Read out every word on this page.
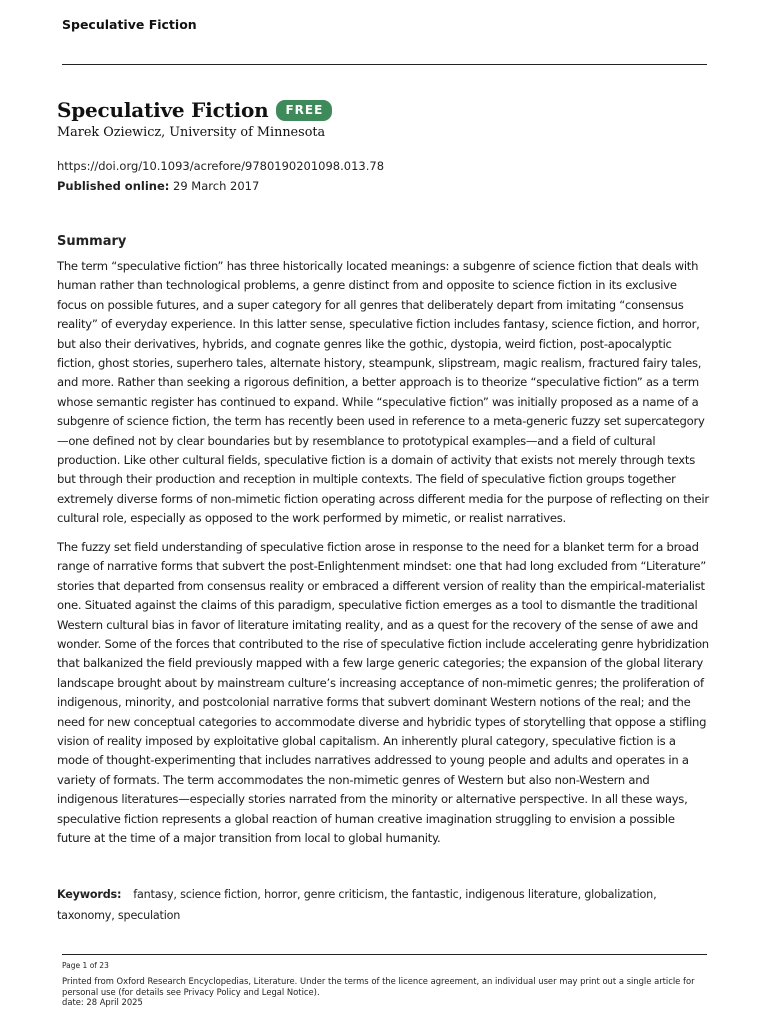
Speculative Fiction
Speculative Fiction	FREE
Marek Oziewicz, University of Minnesota
https://doi.org/10.1093/acrefore/9780190201098.013.78
Published online: 29 March 2017
Summary

The term “speculative fiction” has three historically located meanings: a subgenre of science fiction that deals with human rather than technological problems, a genre distinct from and opposite to science fiction in its exclusive focus on possible futures, and a super category for all genres that deliberately depart from imitating “consensus reality” of everyday experience. In this latter sense, speculative fiction includes fantasy, science fiction, and horror, but also their derivatives, hybrids, and cognate genres like the gothic, dystopia, weird fiction, post-apocalyptic fiction, ghost stories, superhero tales, alternate history, steampunk, slipstream, magic realism, fractured fairy tales, and more. Rather than seeking a rigorous definition, a better approach is to theorize “speculative fiction” as a term whose semantic register has continued to expand. While “speculative fiction” was initially proposed as a name of a subgenre of science fiction, the term has recently been used in reference to a meta-generic fuzzy set supercategory—one defined not by clear boundaries but by resemblance to prototypical examples—and a field of cultural production. Like other cultural fields, speculative fiction is a domain of activity that exists not merely through texts but through their production and reception in multiple contexts. The field of speculative fiction groups together extremely diverse forms of non-mimetic fiction operating across different media for the purpose of reflecting on their cultural role, especially as opposed to the work performed by mimetic, or realist narratives.

The fuzzy set field understanding of speculative fiction arose in response to the need for a blanket term for a broad range of narrative forms that subvert the post-Enlightenment mindset: one that had long excluded from “Literature” stories that departed from consensus reality or embraced a different version of reality than the empirical-materialist one. Situated against the claims of this paradigm, speculative fiction emerges as a tool to dismantle the traditional Western cultural bias in favor of literature imitating reality, and as a quest for the recovery of the sense of awe and wonder. Some of the forces that contributed to the rise of speculative fiction include accelerating genre hybridization that balkanized the field previously mapped with a few large generic categories; the expansion of the global literary landscape brought about by mainstream culture’s increasing acceptance of non-mimetic genres; the proliferation of indigenous, minority, and postcolonial narrative forms that subvert dominant Western notions of the real; and the need for new conceptual categories to accommodate diverse and hybridic types of storytelling that oppose a stifling vision of reality imposed by exploitative global capitalism. An inherently plural category, speculative fiction is a mode of thought-experimenting that includes narratives addressed to young people and adults and operates in a variety of formats. The term accommodates the non-mimetic genres of Western but also non-Western and indigenous literatures—especially stories narrated from the minority or alternative perspective. In all these ways, speculative fiction represents a global reaction of human creative imagination struggling to envision a possible future at the time of a major transition from local to global humanity.

Keywords: fantasy, science fiction, horror, genre criticism, the fantastic, indigenous literature, globalization, taxonomy, speculation
Page 1 of 23
Printed from Oxford Research Encyclopedias, Literature. Under the terms of the licence agreement, an individual user may print out a single article for personal use (for details see Privacy Policy and Legal Notice).
date: 28 April 2025
